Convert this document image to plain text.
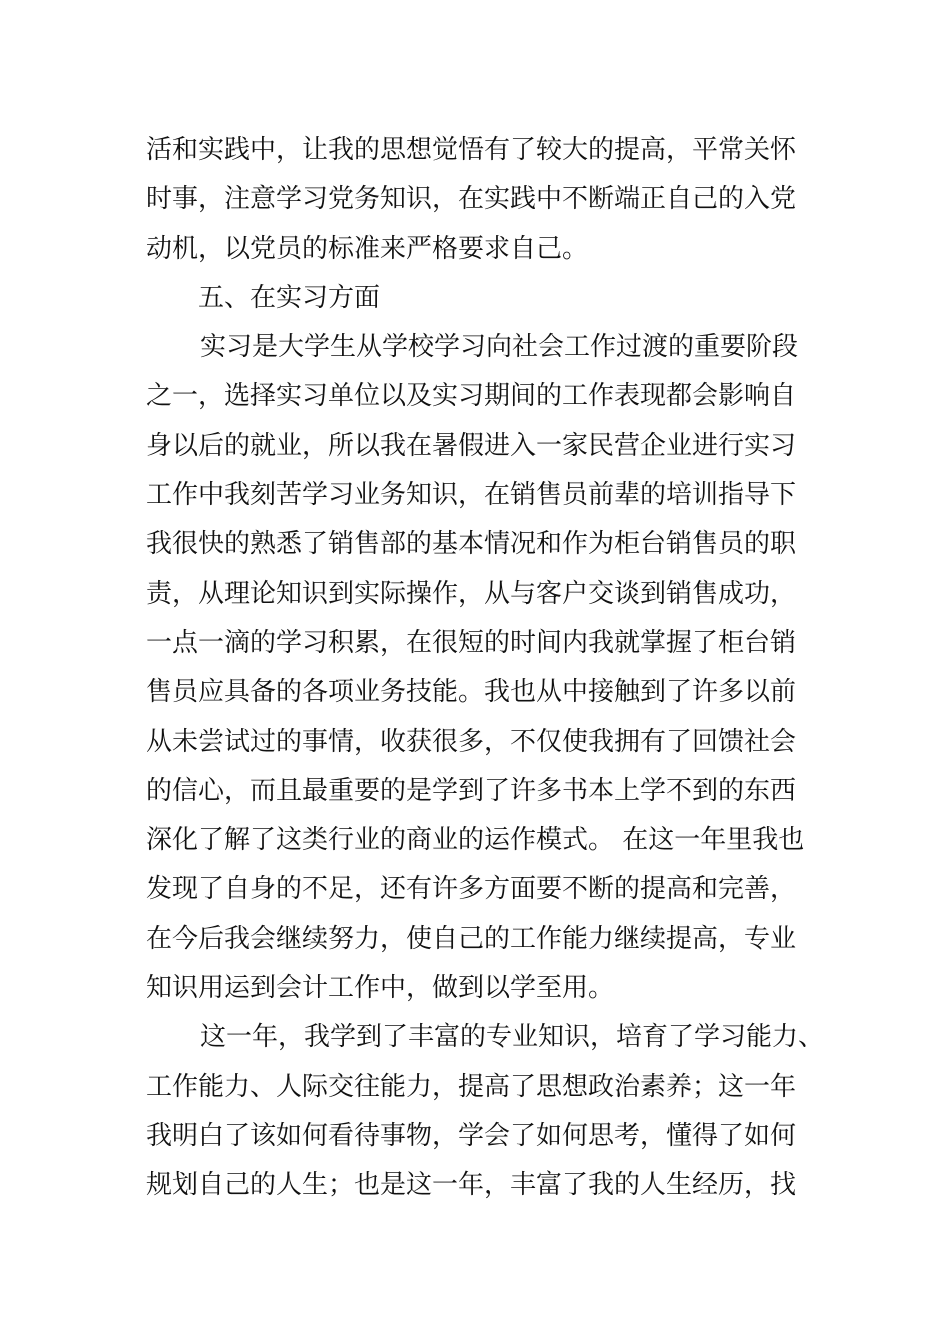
活和实践中，让我的思想觉悟有了较大的提高，平常关怀
时事，注意学习党务知识，在实践中不断端正自己的入党
动机，以党员的标准来严格要求自己。
五、在实习方面
实习是大学生从学校学习向社会工作过渡的重要阶段
之一，选择实习单位以及实习期间的工作表现都会影响自
身以后的就业，所以我在暑假进入一家民营企业进行实习
工作中我刻苦学习业务知识，在销售员前辈的培训指导下
我很快的熟悉了销售部的基本情况和作为柜台销售员的职
责，从理论知识到实际操作，从与客户交谈到销售成功，
一点一滴的学习积累，在很短的时间内我就掌握了柜台销
售员应具备的各项业务技能。我也从中接触到了许多以前
从未尝试过的事情，收获很多，不仅使我拥有了回馈社会
的信心，而且最重要的是学到了许多书本上学不到的东西
深化了解了这类行业的商业的运作模式。 在这一年里我也
发现了自身的不足，还有许多方面要不断的提高和完善，
在今后我会继续努力，使自己的工作能力继续提高，专业
知识用运到会计工作中，做到以学至用。
这一年，我学到了丰富的专业知识，培育了学习能力、
工作能力、人际交往能力，提高了思想政治素养；这一年
我明白了该如何看待事物，学会了如何思考，懂得了如何
规划自己的人生；也是这一年，丰富了我的人生经历，找
